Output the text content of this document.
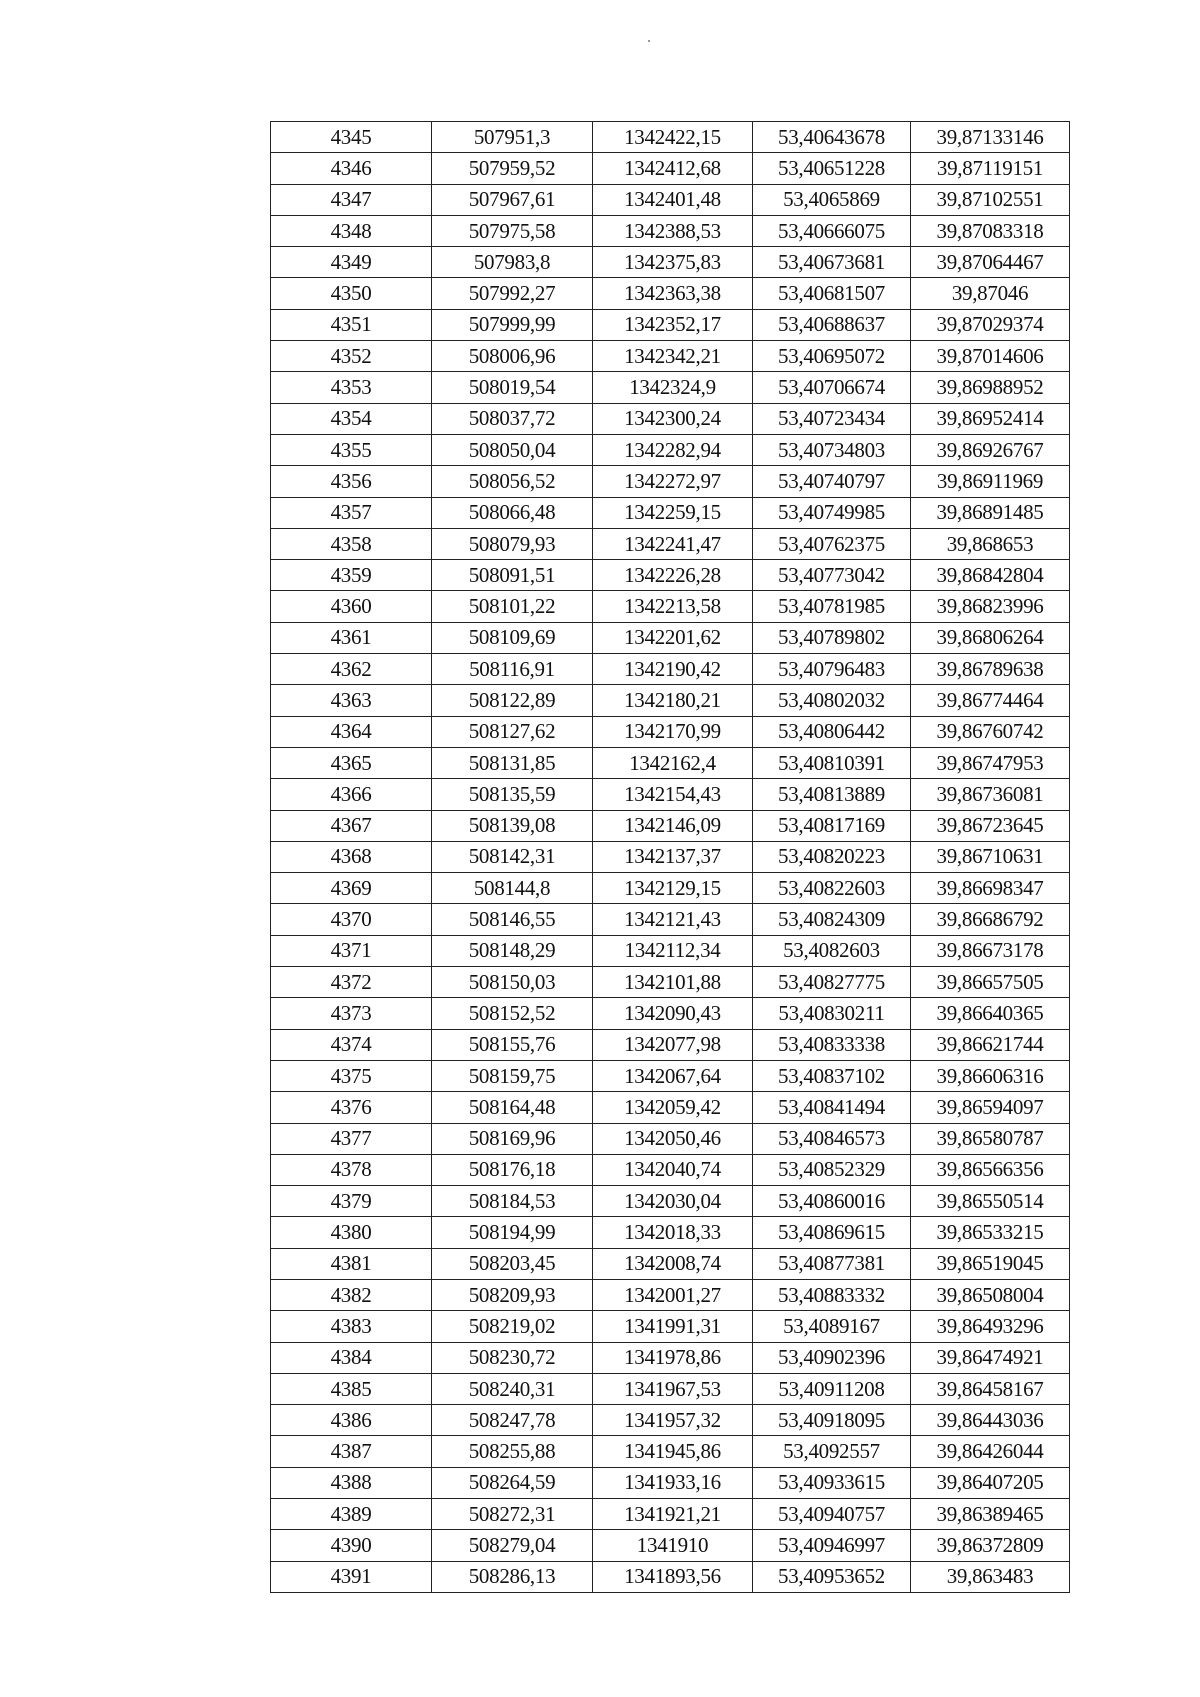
4345	507951,3	1342422,15	53,40643678	39,87133146
4346	507959,52	1342412,68	53,40651228	39,87119151
4347	507967,61	1342401,48	53,4065869	39,87102551
4348	507975,58	1342388,53	53,40666075	39,87083318
4349	507983,8	1342375,83	53,40673681	39,87064467
4350	507992,27	1342363,38	53,40681507	39,87046
4351	507999,99	1342352,17	53,40688637	39,87029374
4352	508006,96	1342342,21	53,40695072	39,87014606
4353	508019,54	1342324,9	53,40706674	39,86988952
4354	508037,72	1342300,24	53,40723434	39,86952414
4355	508050,04	1342282,94	53,40734803	39,86926767
4356	508056,52	1342272,97	53,40740797	39,86911969
4357	508066,48	1342259,15	53,40749985	39,86891485
4358	508079,93	1342241,47	53,40762375	39,868653
4359	508091,51	1342226,28	53,40773042	39,86842804
4360	508101,22	1342213,58	53,40781985	39,86823996
4361	508109,69	1342201,62	53,40789802	39,86806264
4362	508116,91	1342190,42	53,40796483	39,86789638
4363	508122,89	1342180,21	53,40802032	39,86774464
4364	508127,62	1342170,99	53,40806442	39,86760742
4365	508131,85	1342162,4	53,40810391	39,86747953
4366	508135,59	1342154,43	53,40813889	39,86736081
4367	508139,08	1342146,09	53,40817169	39,86723645
4368	508142,31	1342137,37	53,40820223	39,86710631
4369	508144,8	1342129,15	53,40822603	39,86698347
4370	508146,55	1342121,43	53,40824309	39,86686792
4371	508148,29	1342112,34	53,4082603	39,86673178
4372	508150,03	1342101,88	53,40827775	39,86657505
4373	508152,52	1342090,43	53,40830211	39,86640365
4374	508155,76	1342077,98	53,40833338	39,86621744
4375	508159,75	1342067,64	53,40837102	39,86606316
4376	508164,48	1342059,42	53,40841494	39,86594097
4377	508169,96	1342050,46	53,40846573	39,86580787
4378	508176,18	1342040,74	53,40852329	39,86566356
4379	508184,53	1342030,04	53,40860016	39,86550514
4380	508194,99	1342018,33	53,40869615	39,86533215
4381	508203,45	1342008,74	53,40877381	39,86519045
4382	508209,93	1342001,27	53,40883332	39,86508004
4383	508219,02	1341991,31	53,4089167	39,86493296
4384	508230,72	1341978,86	53,40902396	39,86474921
4385	508240,31	1341967,53	53,40911208	39,86458167
4386	508247,78	1341957,32	53,40918095	39,86443036
4387	508255,88	1341945,86	53,4092557	39,86426044
4388	508264,59	1341933,16	53,40933615	39,86407205
4389	508272,31	1341921,21	53,40940757	39,86389465
4390	508279,04	1341910	53,40946997	39,86372809
4391	508286,13	1341893,56	53,40953652	39,863483
